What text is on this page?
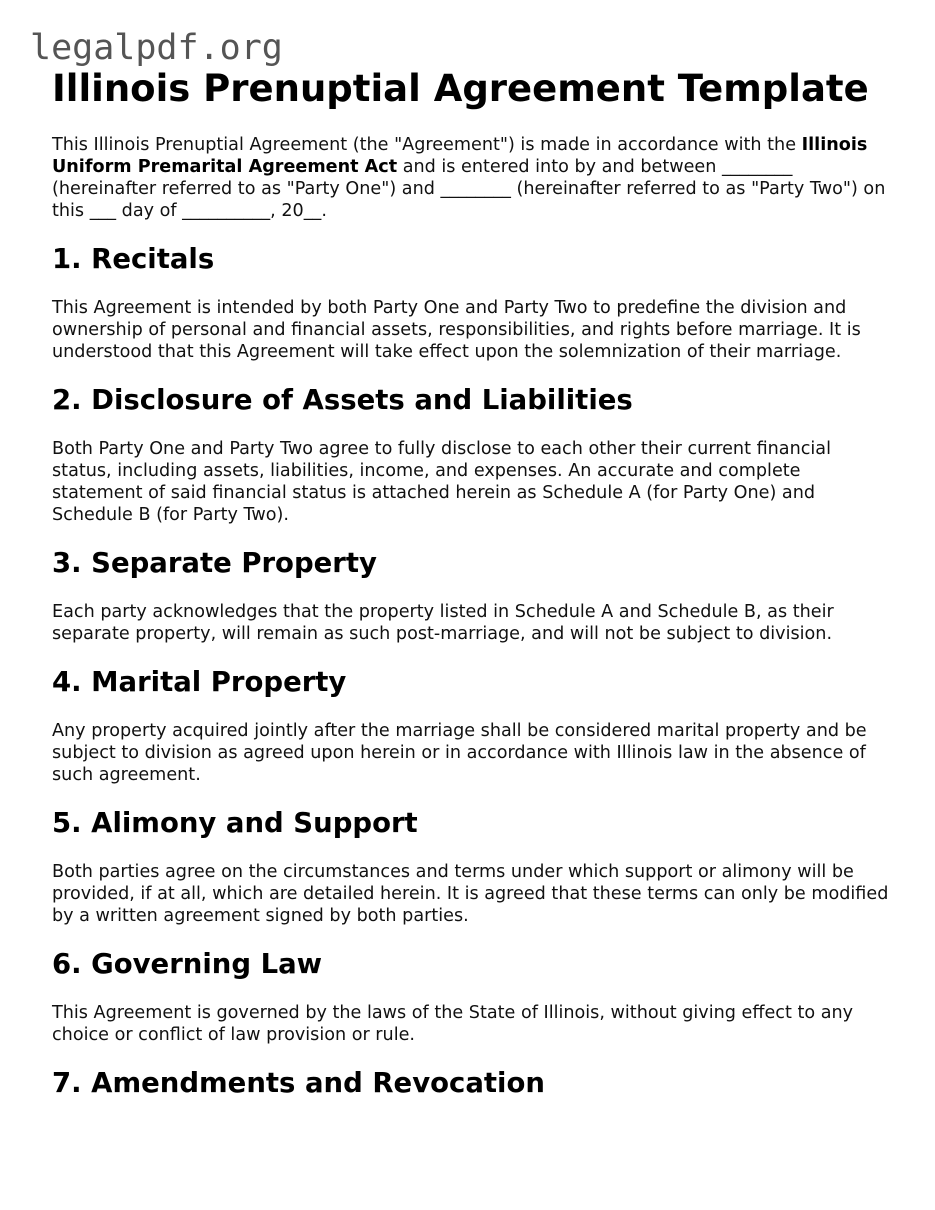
legalpdf.org
Illinois Prenuptial Agreement Template

This Illinois Prenuptial Agreement (the "Agreement") is made in accordance with the Illinois Uniform Premarital Agreement Act and is entered into by and between ________ (hereinafter referred to as "Party One") and ________ (hereinafter referred to as "Party Two") on this ___ day of __________, 20__.

1. Recitals

This Agreement is intended by both Party One and Party Two to predefine the division and ownership of personal and financial assets, responsibilities, and rights before marriage. It is understood that this Agreement will take effect upon the solemnization of their marriage.

2. Disclosure of Assets and Liabilities

Both Party One and Party Two agree to fully disclose to each other their current financial status, including assets, liabilities, income, and expenses. An accurate and complete statement of said financial status is attached herein as Schedule A (for Party One) and Schedule B (for Party Two).

3. Separate Property

Each party acknowledges that the property listed in Schedule A and Schedule B, as their separate property, will remain as such post-marriage, and will not be subject to division.

4. Marital Property

Any property acquired jointly after the marriage shall be considered marital property and be subject to division as agreed upon herein or in accordance with Illinois law in the absence of such agreement.

5. Alimony and Support

Both parties agree on the circumstances and terms under which support or alimony will be provided, if at all, which are detailed herein. It is agreed that these terms can only be modified by a written agreement signed by both parties.

6. Governing Law

This Agreement is governed by the laws of the State of Illinois, without giving effect to any choice or conflict of law provision or rule.

7. Amendments and Revocation
